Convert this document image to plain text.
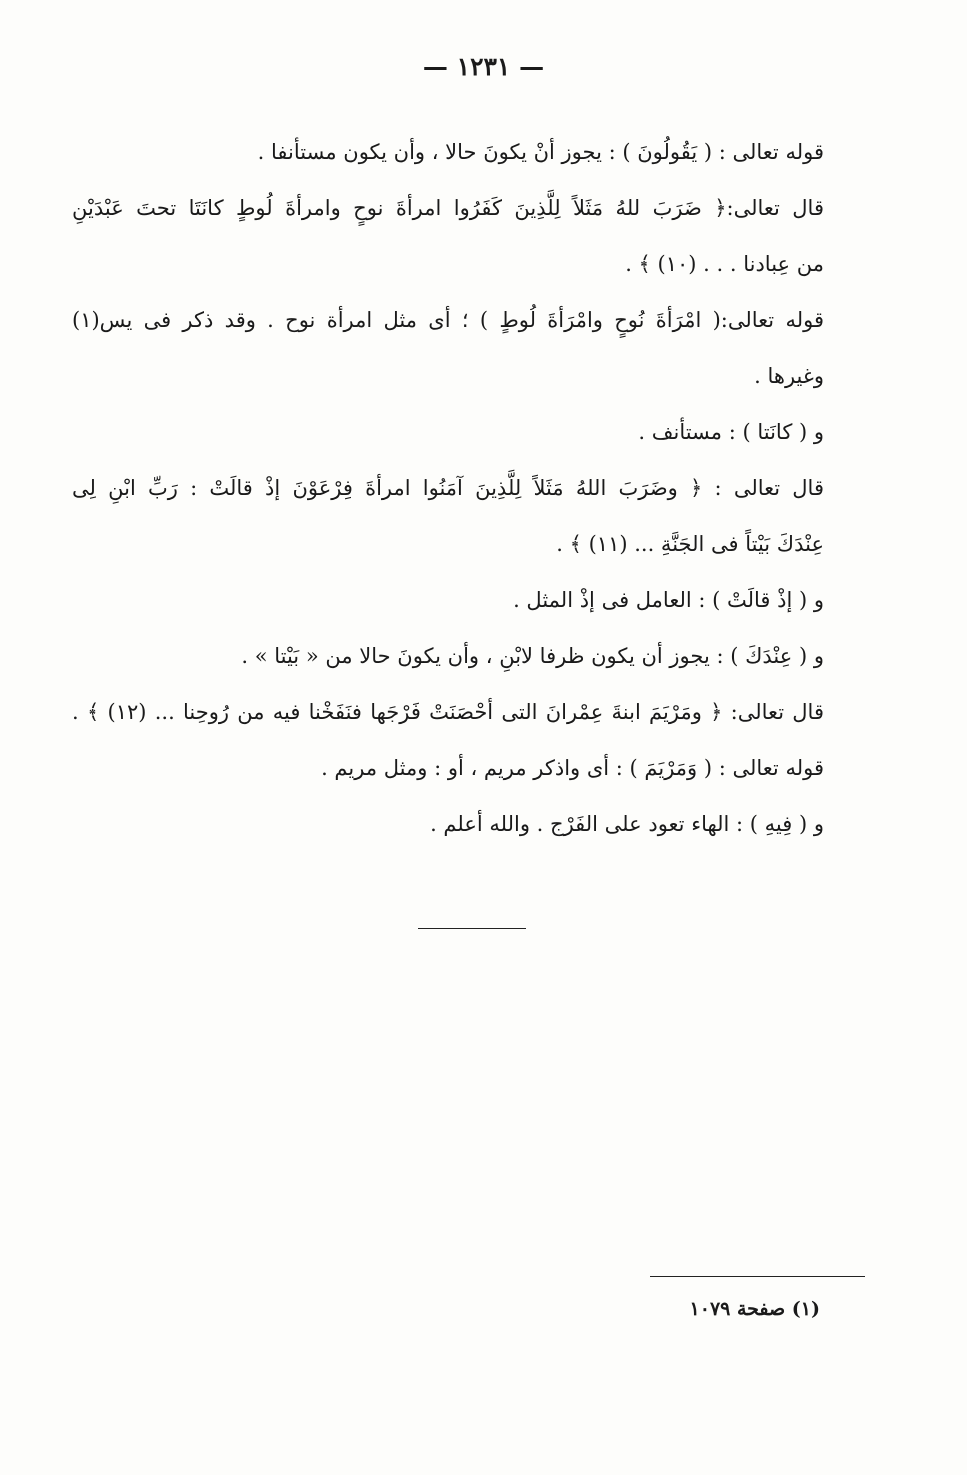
— ١٢٣١ —
قوله تعالى : ( يَقُولُونَ ) : يجوز أنْ يكونَ حالا ، وأن يكون مستأنفا .
قال تعالى:﴿ ضَرَبَ للهُ مَثَلاً لِلَّذِينَ كَفَرُوا امرأةَ نوحٍ وامرأةَ لُوطٍ كانَتَا تحتَ عَبْدَيْنِ
من عِبادنا . . . (١٠) ﴾ .
قوله تعالى:( امْرَأةَ نُوحٍ وامْرَأةَ لُوطٍ ) ؛ أى مثل امرأة نوح . وقد ذكر فى يس(١)
وغيرها .
و ( كانَتا ) : مستأنف .
قال تعالى : ﴿ وضَرَبَ اللهُ مَثَلاً لِلَّذِينَ آمَنُوا امرأةَ فِرْعَوْنَ إذْ قالَتْ : رَبِّ ابْنِ لِى
عِنْدَكَ بَيْتاً فى الجَنَّةِ ... (١١) ﴾ .
و ( إذْ قالَتْ ) : العامل فى إذْ المثل .
و ( عِنْدَكَ ) : يجوز أن يكون ظرفا لابْنِ ، وأن يكونَ حالا من « بَيْتا » .
قال تعالى: ﴿ ومَرْيَمَ ابنةَ عِمْرانَ التى أحْصَنَتْ فَرْجَها فنَفَخْنا فيه من رُوحِنا ... (١٢) ﴾ .
قوله تعالى : ( وَمَرْيَمَ ) : أى واذكر مريم ، أو : ومثل مريم .
و ( فِيهِ ) : الهاء تعود على الفَرْج . والله أعلم .
(١) صفحة ١٠٧٩
